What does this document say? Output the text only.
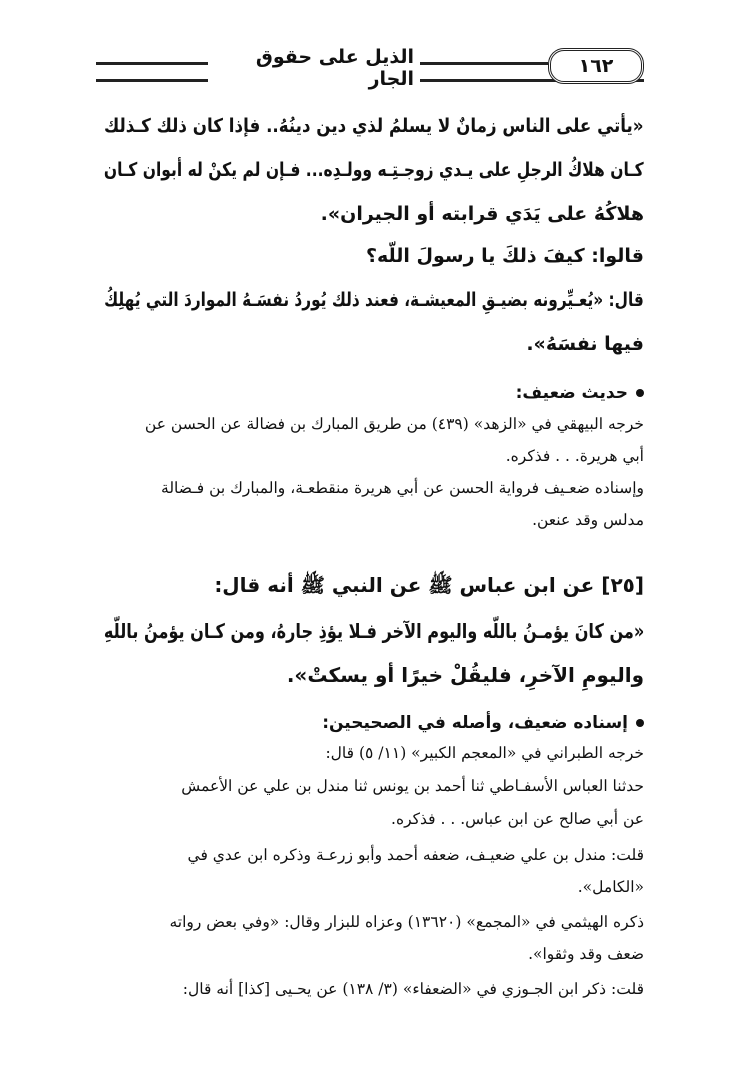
الذيل على حقوق الجار
١٦٢
«يأتي على الناس زمانٌ لا يسلمُ لذي دين دينُهُ.. فإذا كان ذلك كـذلك
كـان هلاكُ الرجلِ على يـدي زوجـتِـه وولـدِه... فـإن لم يكنْ له أبوان كـان
هلاكُهُ على يَدَي قرابته أو الجيران».
قالوا: كيفَ ذلكَ يا رسولَ اللّه؟
قال: «يُعـيِّرونه بضيـقِ المعيشـة، فعند ذلك يُوردُ نفسَـهُ المواردَ التي يُهلِكُ
فيها نفسَهُ».
حديث ضعيف:
خرجه البيهقي في «الزهد» (٤٣٩) من طريق المبارك بن فضالة عن الحسن عن
أبي هريرة. . . فذكره.
وإسناده ضعـيف فرواية الحسن عن أبي هريرة منقطعـة، والمبارك بن فـضالة
مدلس وقد عنعن.
[٢٥] عن ابن عباس ﷺ عن النبي ﷺ أنه قال:
«من كانَ يؤمـنُ باللّه واليوم الآخر فـلا يؤذِ جارهُ، ومن كـان يؤمنُ باللّهِ
واليومِ الآخرِ، فليقُلْ خيرًا أو يسكتْ».
إسناده ضعيف، وأصله في الصحيحين:
خرجه الطبراني في «المعجم الكبير» (١١/ ٥) قال:
حدثنا العباس الأسفـاطي ثنا أحمد بن يونس ثنا مندل بن علي عن الأعمش
عن أبي صالح عن ابن عباس. . . فذكره.
قلت: مندل بن علي ضعيـف، ضعفه أحمد وأبو زرعـة وذكره ابن عدي في
«الكامل».
ذكره الهيثمي في «المجمع» (١٣٦٢٠) وعزاه للبزار وقال: «وفي بعض رواته
ضعف وقد وثقوا».
قلت: ذكر ابن الجـوزي في «الضعفاء» (٣/ ١٣٨) عن يحـيى [كذا] أنه قال:
